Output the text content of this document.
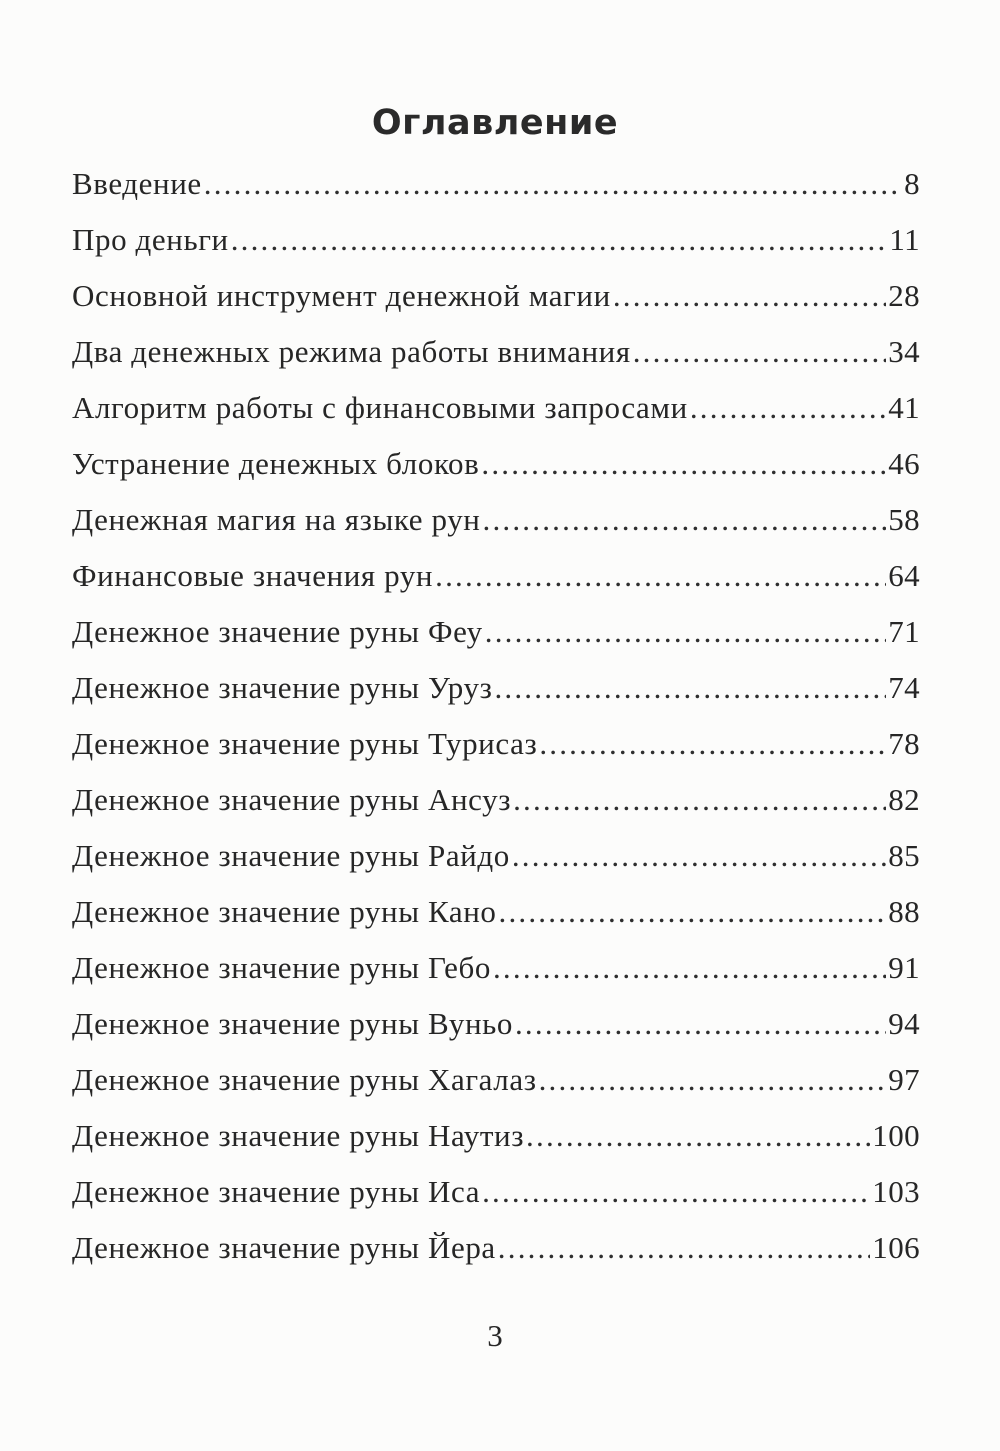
Оглавление
Введение .....	8
Про деньги .....	11
Основной инструмент денежной магии .....	28
Два денежных режима работы внимания .....	34
Алгоритм работы с финансовыми запросами .....	41
Устранение денежных блоков .....	46
Денежная магия на языке рун .....	58
Финансовые значения рун .....	64
Денежное значение руны Феу .....	71
Денежное значение руны Уруз .....	74
Денежное значение руны Турисаз .....	78
Денежное значение руны Ансуз .....	82
Денежное значение руны Райдо .....	85
Денежное значение руны Кано .....	88
Денежное значение руны Гебо .....	91
Денежное значение руны Вуньо .....	94
Денежное значение руны Хагалаз .....	97
Денежное значение руны Наутиз .....	100
Денежное значение руны Иса .....	103
Денежное значение руны Йера .....	106
3
